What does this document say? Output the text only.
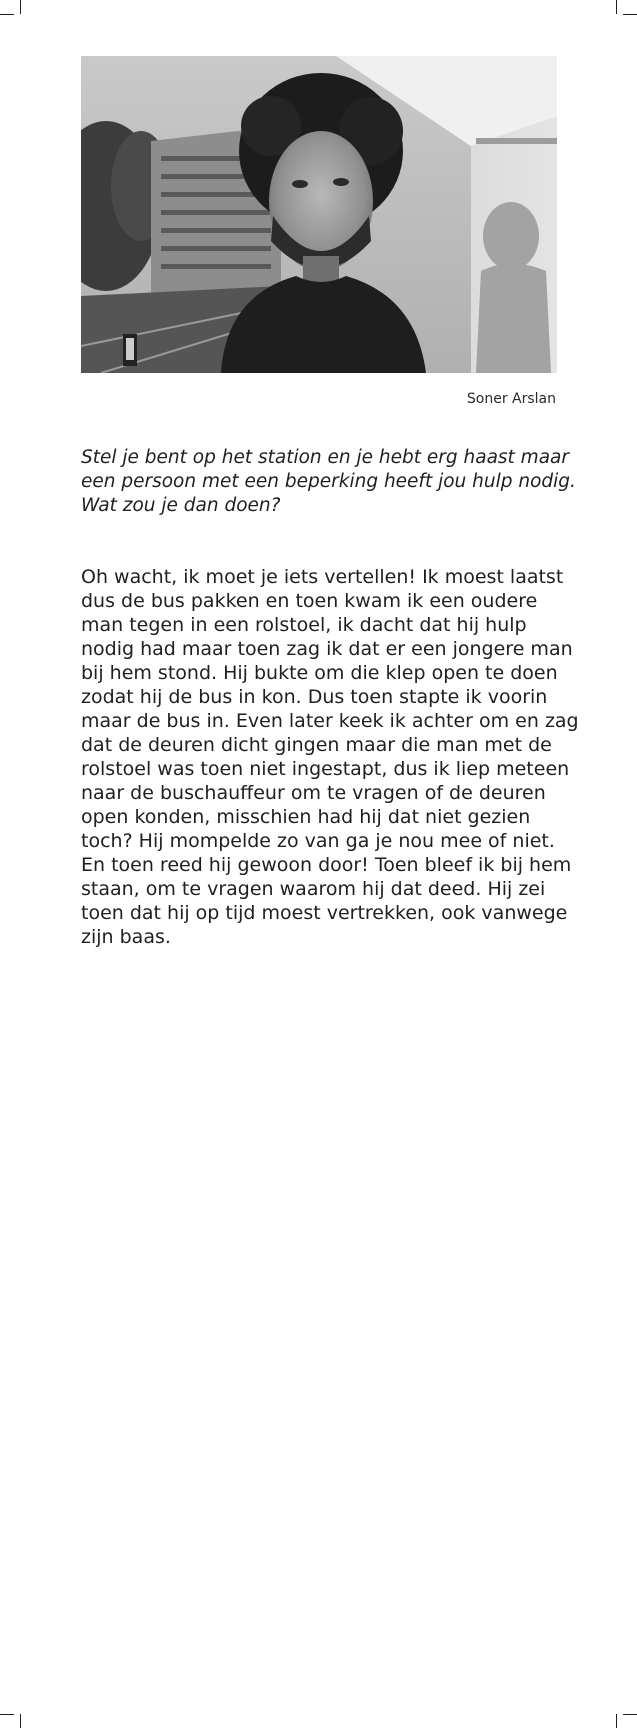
Soner Arslan
Stel je bent op het station en je hebt erg haast maar een persoon met een beperking heeft jou hulp nodig. Wat zou je dan doen?
Oh wacht, ik moet je iets vertellen! Ik moest laatst dus de bus pakken en toen kwam ik een oudere man tegen in een rolstoel, ik dacht dat hij hulp nodig had maar toen zag ik dat er een jongere man bij hem stond. Hij bukte om die klep open te doen zodat hij de bus in kon. Dus toen stapte ik voorin maar de bus in. Even later keek ik achter om en zag dat de deuren dicht gingen maar die man met de rolstoel was toen niet ingestapt, dus ik liep meteen naar de buschauffeur om te vragen of de deuren open konden, misschien had hij dat niet gezien toch? Hij mompelde zo van ga je nou mee of niet. En toen reed hij gewoon door! Toen bleef ik bij hem staan, om te vragen waarom hij dat deed. Hij zei toen dat hij op tijd moest vertrekken, ook vanwege zijn baas.
